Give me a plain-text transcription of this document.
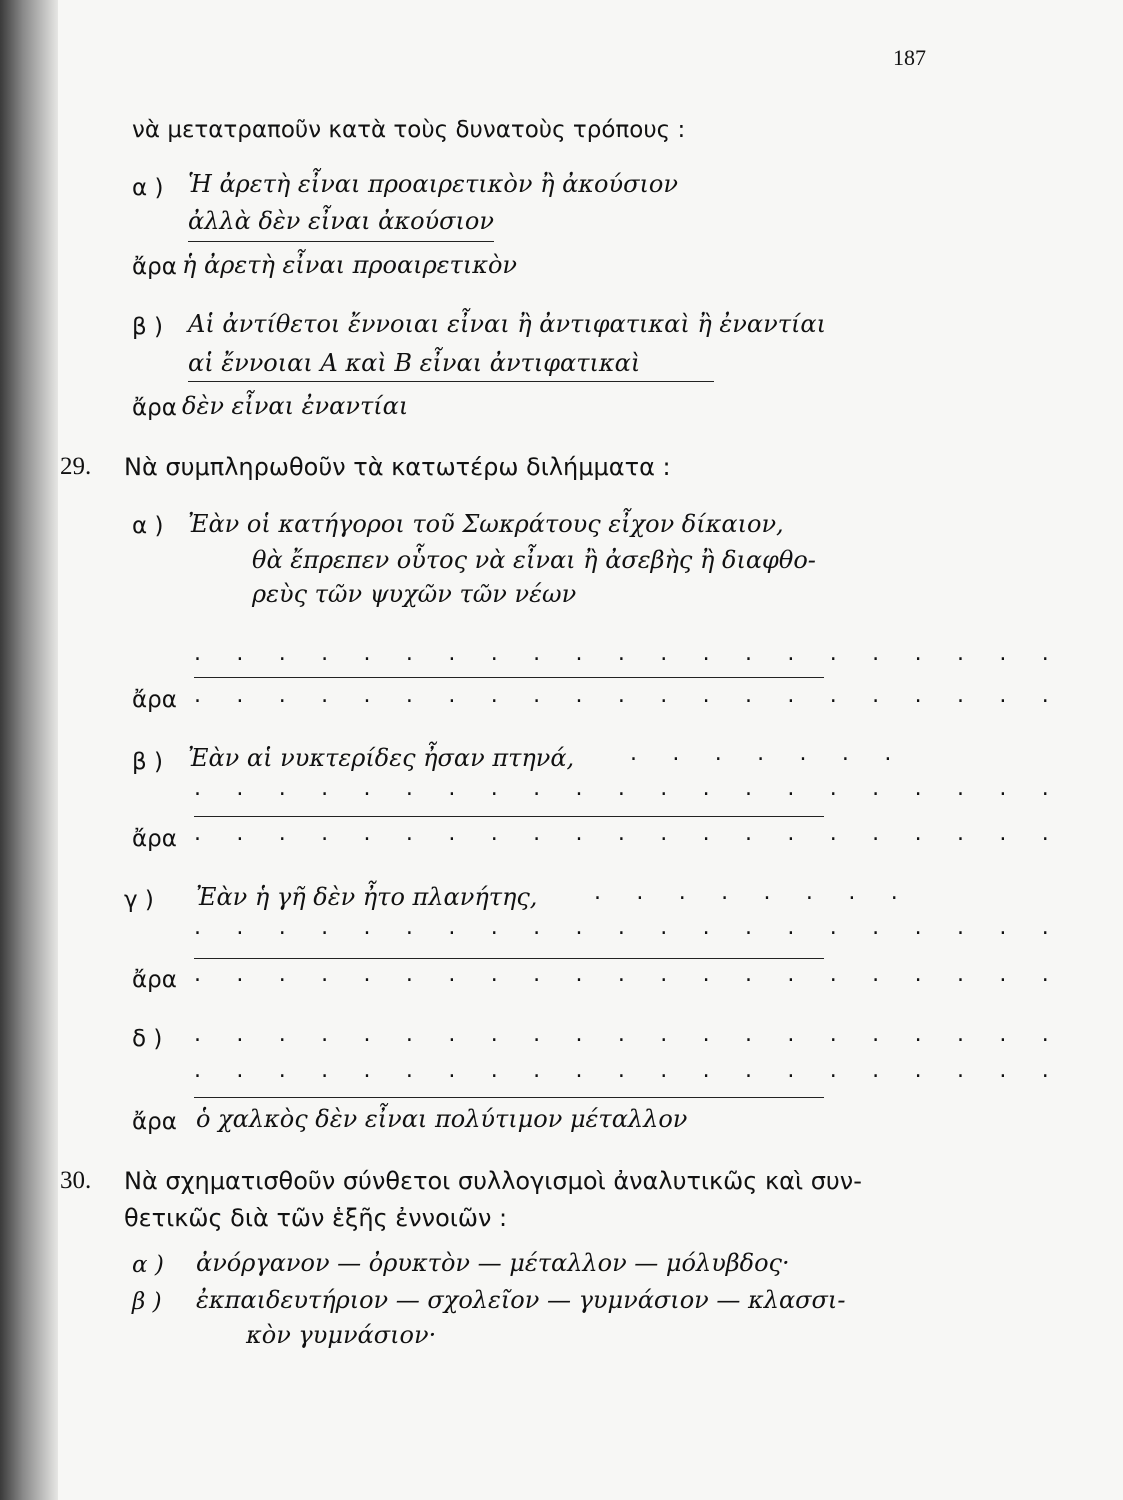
187
νὰ μετατραποῦν κατὰ τοὺς δυνατοὺς τρόπους :
α ) Ἡ ἀρετὴ εἶναι προαιρετικὸν ἢ ἀκούσιον
ἀλλὰ δὲν εἶναι ἀκούσιον
ἄρα ἡ ἀρετὴ εἶναι προαιρετικὸν
β ) Αἱ ἀντίθετοι ἔννοιαι εἶναι ἢ ἀντιφατικαὶ ἢ ἐναντίαι
αἱ ἔννοιαι Α καὶ Β εἶναι ἀντιφατικαὶ
ἄρα δὲν εἶναι ἐναντίαι
29. Νὰ συμπληρωθοῦν τὰ κατωτέρω διλήμματα :
α ) Ἐὰν οἱ κατήγοροι τοῦ Σωκράτους εἶχον δίκαιον,
θὰ ἔπρεπεν οὗτος νὰ εἶναι ἢ ἀσεβὴς ἢ διαφθο-
ρεὺς τῶν ψυχῶν τῶν νέων
. . . . . . . . . . . . . . . . . . . . .
ἄρα . . . . . . . . . . . . . . . . . . . . .
β ) Ἐὰν αἱ νυκτερίδες ἦσαν πτηνά,	. . . . . . .
. . . . . . . . . . . . . . . . . . . . .
ἄρα . . . . . . . . . . . . . . . . . . . . .
γ ) Ἐὰν ἡ γῆ δὲν ἦτο πλανήτης,	. . . . . . . .
. . . . . . . . . . . . . . . . . . . . .
ἄρα . . . . . . . . . . . . . . . . . . . . .
δ ) . . . . . . . . . . . . . . . . . . . . .
. . . . . . . . . . . . . . . . . . . . .
ἄρα ὁ χαλκὸς δὲν εἶναι πολύτιμον μέταλλον
30. Νὰ σχηματισθοῦν σύνθετοι συλλογισμοὶ ἀναλυτικῶς καὶ συν-
θετικῶς διὰ τῶν ἑξῆς ἐννοιῶν :
α ) ἀνόργανον — ὀρυκτὸν — μέταλλον — μόλυβδος·
β ) ἐκπαιδευτήριον — σχολεῖον — γυμνάσιον — κλασσι-
κὸν γυμνάσιον·
